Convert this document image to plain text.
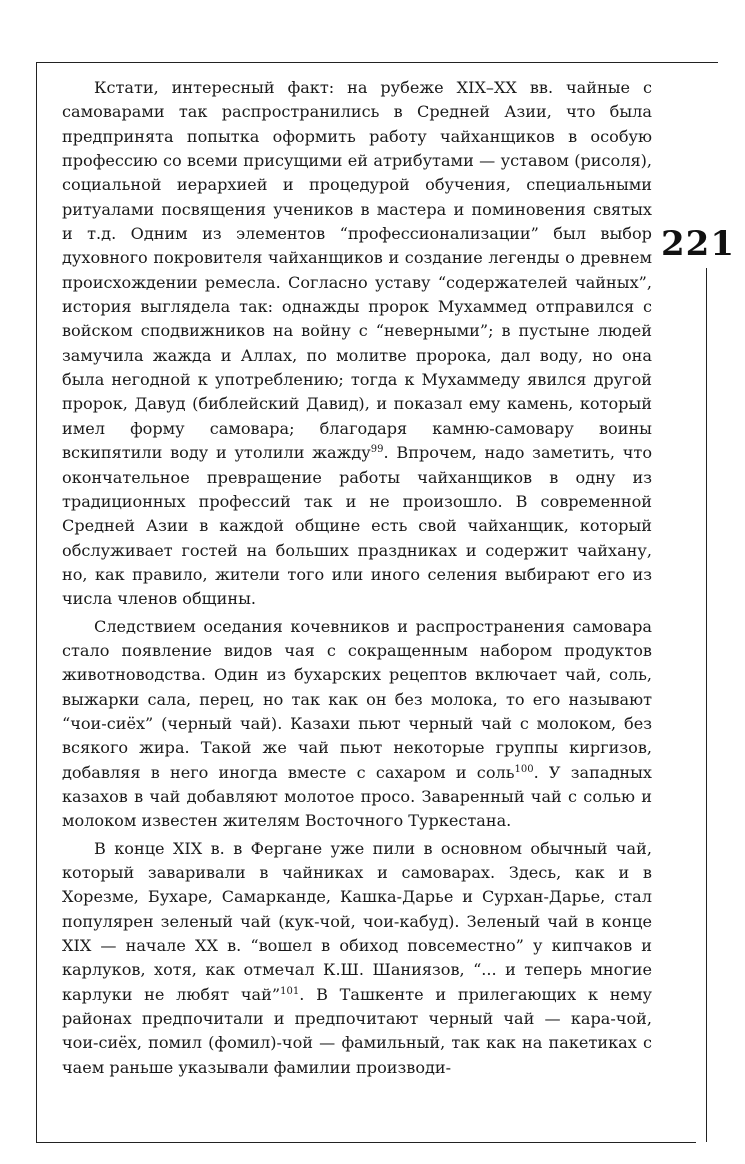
221

Кстати, интересный факт: на рубеже XIX–XX вв. чайные с самоварами так распространились в Средней Азии, что была предпринята попытка оформить работу чайханщиков в особую профессию со всеми присущими ей атрибутами — уставом (рисоля), социальной иерархией и процедурой обучения, специальными ритуалами посвящения учеников в мастера и поминовения святых и т.д. Одним из элементов “профессионализации” был выбор духовного покровителя чайханщиков и создание легенды о древнем происхождении ремесла. Согласно уставу “содержателей чайных”, история выглядела так: однажды пророк Мухаммед отправился с войском сподвижников на войну с “неверными”; в пустыне людей замучила жажда и Аллах, по молитве пророка, дал воду, но она была негодной к употреблению; тогда к Мухаммеду явился другой пророк, Давуд (библейский Давид), и показал ему камень, который имел форму самовара; благодаря камню-самовару воины вскипятили воду и утолили жажду$^{99}$. Впрочем, надо заметить, что окончательное превращение работы чайханщиков в одну из традиционных профессий так и не произошло. В современной Средней Азии в каждой общине есть свой чайханщик, который обслуживает гостей на больших праздниках и содержит чайхану, но, как правило, жители того или иного селения выбирают его из числа членов общины.

Следствием оседания кочевников и распространения самовара стало появление видов чая с сокращенным набором продуктов животноводства. Один из бухарских рецептов включает чай, соль, выжарки сала, перец, но так как он без молока, то его называют “чои-сиёх” (черный чай). Казахи пьют черный чай с молоком, без всякого жира. Такой же чай пьют некоторые группы киргизов, добавляя в него иногда вместе с сахаром и соль$^{100}$. У западных казахов в чай добавляют молотое просо. Заваренный чай с солью и молоком известен жителям Восточного Туркестана.

В конце XIX в. в Фергане уже пили в основном обычный чай, который заваривали в чайниках и самоварах. Здесь, как и в Хорезме, Бухаре, Самарканде, Кашка-Дарье и Сурхан-Дарье, стал популярен зеленый чай (кук-чой, чои-кабуд). Зеленый чай в конце XIX — начале XX в. “вошел в обиход повсеместно” у кипчаков и карлуков, хотя, как отмечал К.Ш. Шаниязов, “... и теперь многие карлуки не любят чай”$^{101}$. В Ташкенте и прилегающих к нему районах предпочитали и предпочитают черный чай — кара-чой, чои-сиёх, помил (фомил)-чой — фамильный, так как на пакетиках с чаем раньше указывали фамилии производи-
